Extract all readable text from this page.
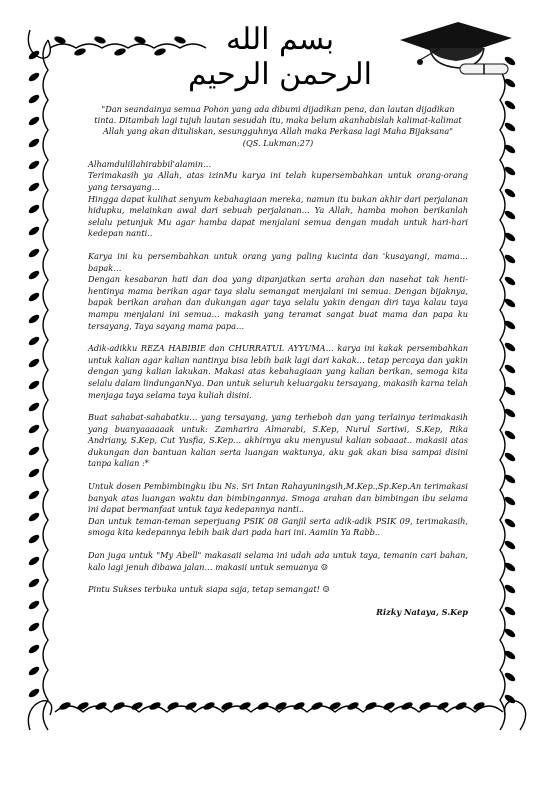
بسم الله الرحمن الرحيم
"Dan seandainya semua Pohon yang ada dibumi dijadikan pena, dan lautan dijadikan tinta. Ditambah lagi tujuh lautan sesudah itu, maka belum akanhabislah kalimat-kalimat Allah yang akan dituliskan, sesungguhnya Allah maka Perkasa lagi Maha Bijaksana" (QS. Lukman:27)
Alhamdulillahirabbil'alamin…
Terimakasih ya Allah, atas izinMu karya ini telah kupersembahkan untuk orang-orang yang tersayang…
Hingga dapat kulihat senyum kebahagiaan mereka, namun itu bukan akhir dari perjalanan hidupku, melainkan awal dari sebuah perjalanan… Ya Allah, hamba mohon berikanlah selalu petunjuk Mu agar hamba dapat menjalani semua dengan mudah untuk hari-hari kedepan nanti..
Karya ini ku persembahkan untuk orang yang paling kucinta dan 'kusayangi, mama… bapak…
Dengan kesabaran hati dan doa yang dipanjatkan serta arahan dan nasehat tak henti-hentinya mama berikan agar taya slalu semangat menjalani ini semua. Dengan bijaknya, bapak berikan arahan dan dukungan agar taya selalu yakin dengan diri taya kalau taya mampu menjalani ini semua… makasih yang teramat sangat buat mama dan papa ku tersayang, Taya sayang mama papa…
Adik-adikku REZA HABIBIE dan CHURRATUL AYYUMA… karya ini kakak persembahkan untuk kalian agar kalian nantinya bisa lebih baik lagi dari kakak… tetap percaya dan yakin dengan yang kalian lakukan. Makasi atas kebahagiaan yang kalian berikan, semoga kita selalu dalam lindunganNya. Dan untuk seluruh keluargaku tersayang, makasih karna telah menjaga taya selama taya kuliah disini.
Buat sahabat-sahabatku… yang tersayang, yang terheboh dan yang terlainya terimakasih yang buanyaaaaaak untuk: Zamharira Almarabi, S.Kep, Nurul Sartiwi, S.Kep, Rika Andriany, S.Kep, Cut Yusfia, S.Kep… akhirnya aku menyusul kalian sobaaat.. makasii atas dukungan dan bantuan kalian serta luangan waktunya, aku gak akan bisa sampai disini tanpa kalian :*
Untuk dosen Pembimbingku ibu Ns. Sri Intan Rahayuningsih,M.Kep.,Sp.Kep.An terimakasi banyak atas luangan waktu dan bimbingannya. Smoga arahan dan bimbingan ibu selama ini dapat bermanfaat untuk taya kedepannya nanti..
Dan untuk teman-teman seperjuang PSIK 08 Ganjil serta adik-adik PSIK 09, terimakasih, smoga kita kedepannya lebih baik dari pada hari ini. Aamiin Ya Rabb..
Dan juga untuk "My Abell" makasaii selama ini udah ada untuk taya, temanin cari bahan, kalo lagi jenuh dibawa jalan… makasii untuk semuanya ☺
Pintu Sukses terbuka untuk siapa saja, tetap semangat! ☺
Rizky Nataya, S.Kep
